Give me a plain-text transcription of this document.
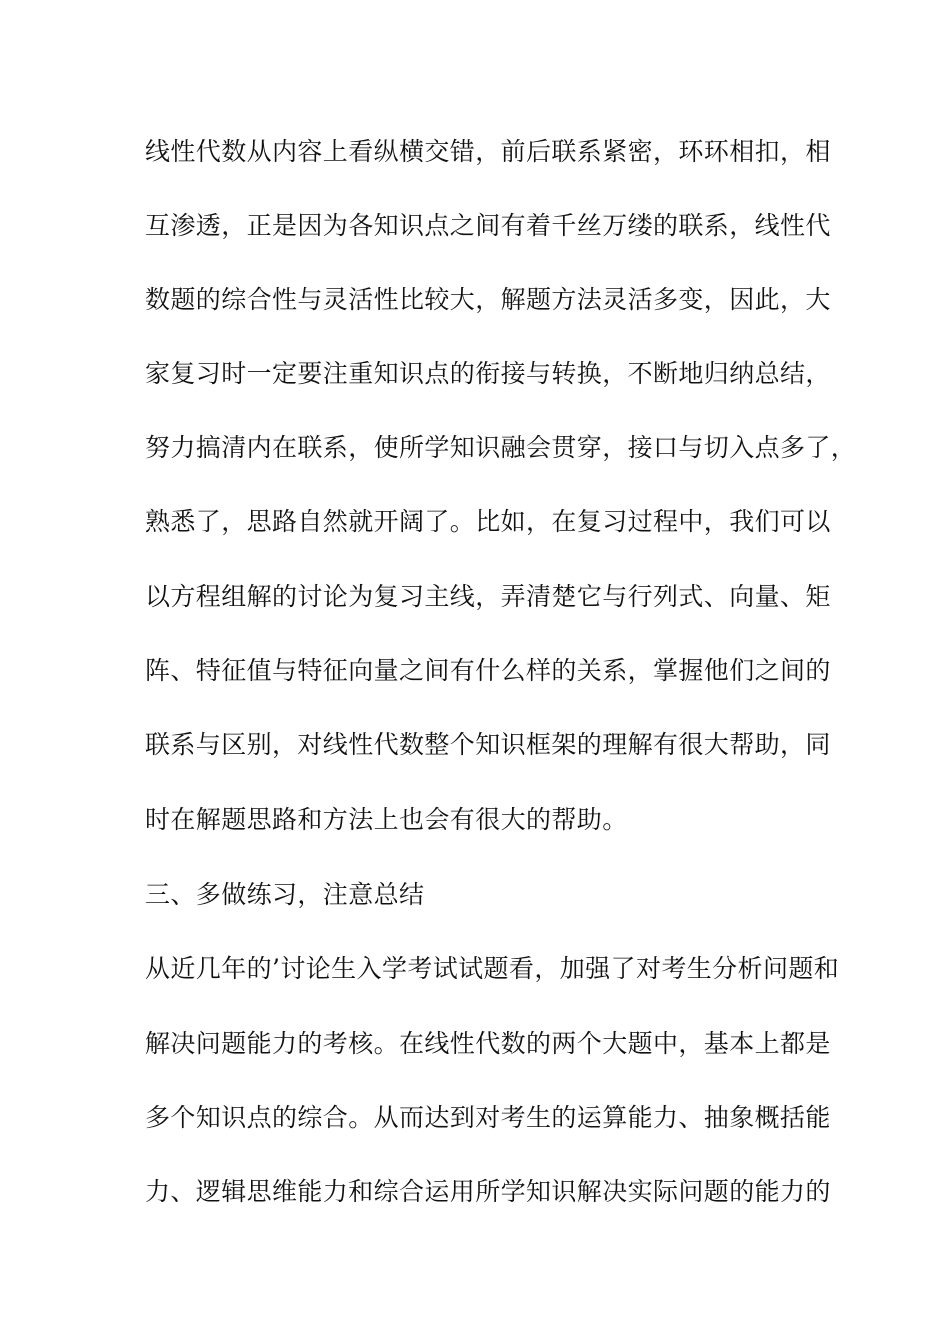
线性代数从内容上看纵横交错，前后联系紧密，环环相扣，相
互渗透，正是因为各知识点之间有着千丝万缕的联系，线性代
数题的综合性与灵活性比较大，解题方法灵活多变，因此，大
家复习时一定要注重知识点的衔接与转换，不断地归纳总结，
努力搞清内在联系，使所学知识融会贯穿，接口与切入点多了，
熟悉了，思路自然就开阔了。比如，在复习过程中，我们可以
以方程组解的讨论为复习主线，弄清楚它与行列式、向量、矩
阵、特征值与特征向量之间有什么样的关系，掌握他们之间的
联系与区别，对线性代数整个知识框架的理解有很大帮助，同
时在解题思路和方法上也会有很大的帮助。
三、多做练习，注意总结
从近几年的’讨论生入学考试试题看，加强了对考生分析问题和
解决问题能力的考核。在线性代数的两个大题中，基本上都是
多个知识点的综合。从而达到对考生的运算能力、抽象概括能
力、逻辑思维能力和综合运用所学知识解决实际问题的能力的
